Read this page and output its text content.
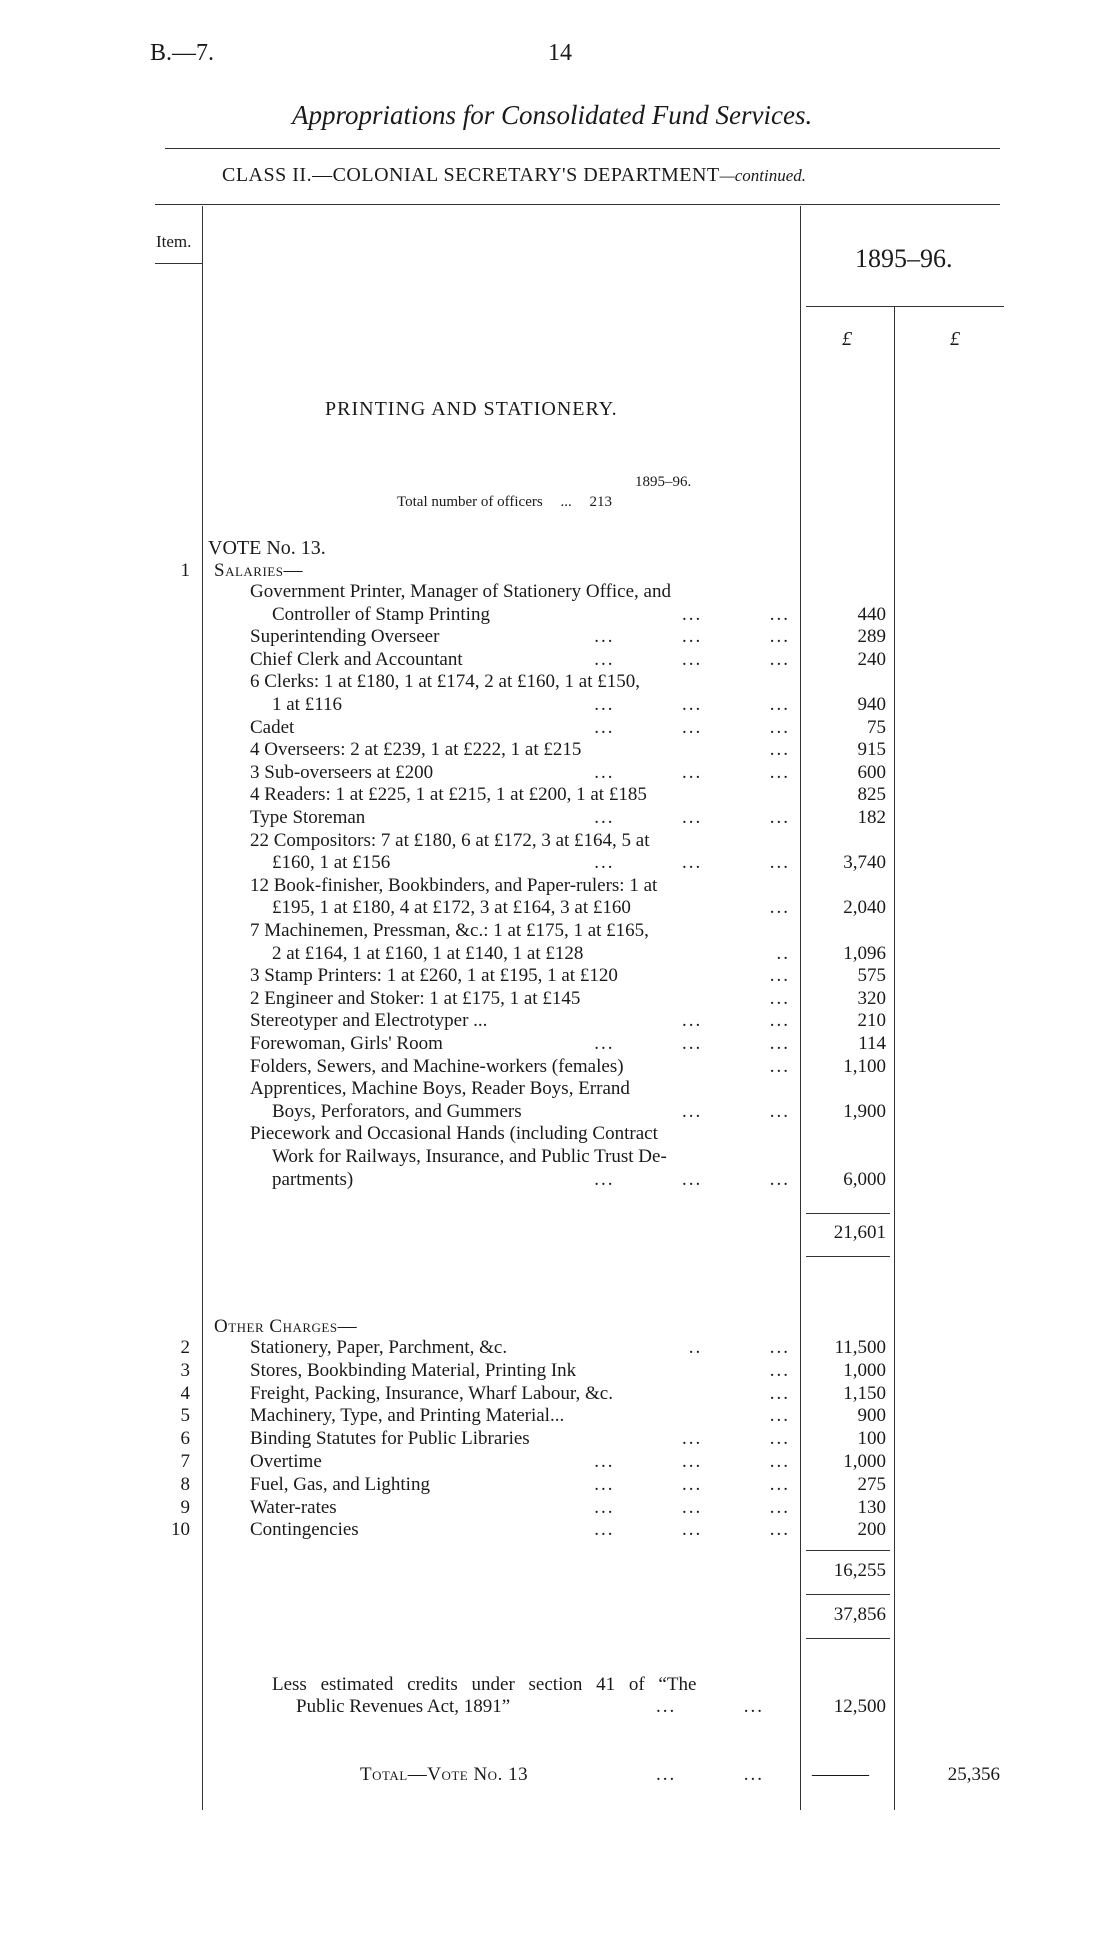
B.—7.	14
Appropriations for Consolidated Fund Services.
CLASS II.—COLONIAL SECRETARY'S DEPARTMENT—continued.
Item.
1895–96.
£	£
PRINTING AND STATIONERY.
1895–96.
Total number of officers ... 213
VOTE No. 13.
1 Salaries—
Government Printer, Manager of Stationery Office, and
Controller of Stamp Printing	...          ...	440
Superintending Overseer	...          ...          ...	289
Chief Clerk and Accountant	...          ...          ...	240
6 Clerks: 1 at £180, 1 at £174, 2 at £160, 1 at £150,
1 at £116	...          ...          ...	940
Cadet	...          ...          ...	75
4 Overseers: 2 at £239, 1 at £222, 1 at £215	...	915
3 Sub-overseers at £200	...          ...          ...	600
4 Readers: 1 at £225, 1 at £215, 1 at £200, 1 at £185	825
Type Storeman	...          ...          ...	182
22 Compositors: 7 at £180, 6 at £172, 3 at £164, 5 at
£160, 1 at £156	...          ...          ...	3,740
12 Book-finisher, Bookbinders, and Paper-rulers: 1 at
£195, 1 at £180, 4 at £172, 3 at £164, 3 at £160	...	2,040
7 Machinemen, Pressman, &c.: 1 at £175, 1 at £165,
2 at £164, 1 at £160, 1 at £140, 1 at £128	..	1,096
3 Stamp Printers: 1 at £260, 1 at £195, 1 at £120	...	575
2 Engineer and Stoker: 1 at £175, 1 at £145	...	320
Stereotyper and Electrotyper ...	...          ...	210
Forewoman, Girls' Room	...          ...          ...	114
Folders, Sewers, and Machine-workers (females)	...	1,100
Apprentices, Machine Boys, Reader Boys, Errand
Boys, Perforators, and Gummers	...          ...	1,900
Piecework and Occasional Hands (including Contract
Work for Railways, Insurance, and Public Trust De-
partments)	...          ...          ...	6,000
21,601
Other Charges—
2	Stationery, Paper, Parchment, &c.	..          ...	11,500
3	Stores, Bookbinding Material, Printing Ink	...	1,000
4	Freight, Packing, Insurance, Wharf Labour, &c.	...	1,150
5	Machinery, Type, and Printing Material...	...	900
6	Binding Statutes for Public Libraries	...          ...	100
7	Overtime	...          ...          ...	1,000
8	Fuel, Gas, and Lighting	...          ...          ...	275
9	Water-rates	...          ...          ...	130
10	Contingencies	...          ...          ...	200
16,255
37,856
Less estimated credits under section 41 of “The
Public Revenues Act, 1891”	...          ...	12,500
Total—Vote No. 13	...          ...	———	25,356
